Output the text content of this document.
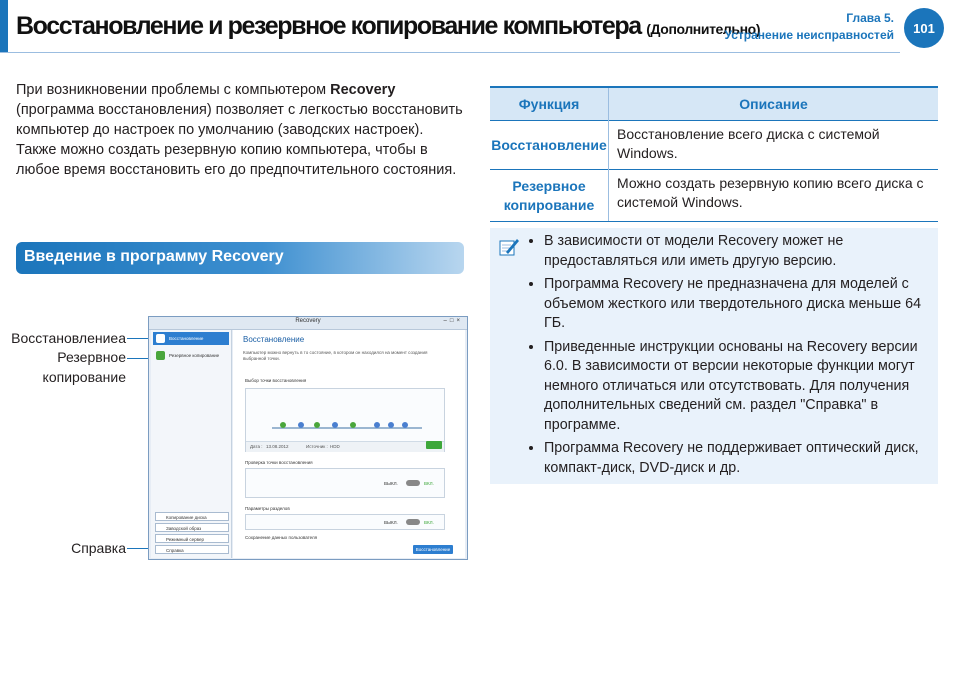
Восстановление и резервное копирование компьютера (Дополнительно)
Глава 5.
Устранение неисправностей	101
При возникновении проблемы с компьютером Recovery (программа восстановления) позволяет с легкостью восстановить компьютер до настроек по умолчанию (заводских настроек). Также можно создать резервную копию компьютера, чтобы в любое время восстановить его до предпочтительного состояния.
Введение в программу Recovery
Восстановлениеа
Резервное копирование
Справка
Recovery	–□×
Восстановление
Резервное копирование
Копирование диска
Заводской образ
Режимный сервер
Справка
Восстановление
Компьютер можно вернуть в то состояние, в котором он находился на момент создания выбранной точки.
Выбор точки восстановления
Дата : 13.08.2012	Источник : HDD
Проверка точки восстановления
ВЫКЛ.	ВКЛ.
Параметры разделов
ВЫКЛ.	ВКЛ.
Сохранение данных пользователя
Восстановление
Функция	Описание
Восстановление	Восстановление всего диска с системой Windows.
Резервное копирование	Можно создать резервную копию всего диска с системой Windows.
• В зависимости от модели Recovery может не предоставляться или иметь другую версию.
• Программа Recovery не предназначена для моделей с объемом жесткого или твердотельного диска меньше 64 ГБ.
• Приведенные инструкции основаны на Recovery версии 6.0. В зависимости от версии некоторые функции могут немного отличаться или отсутствовать. Для получения дополнительных сведений см. раздел "Справка" в программе.
• Программа Recovery не поддерживает оптический диск, компакт-диск, DVD-диск и др.
